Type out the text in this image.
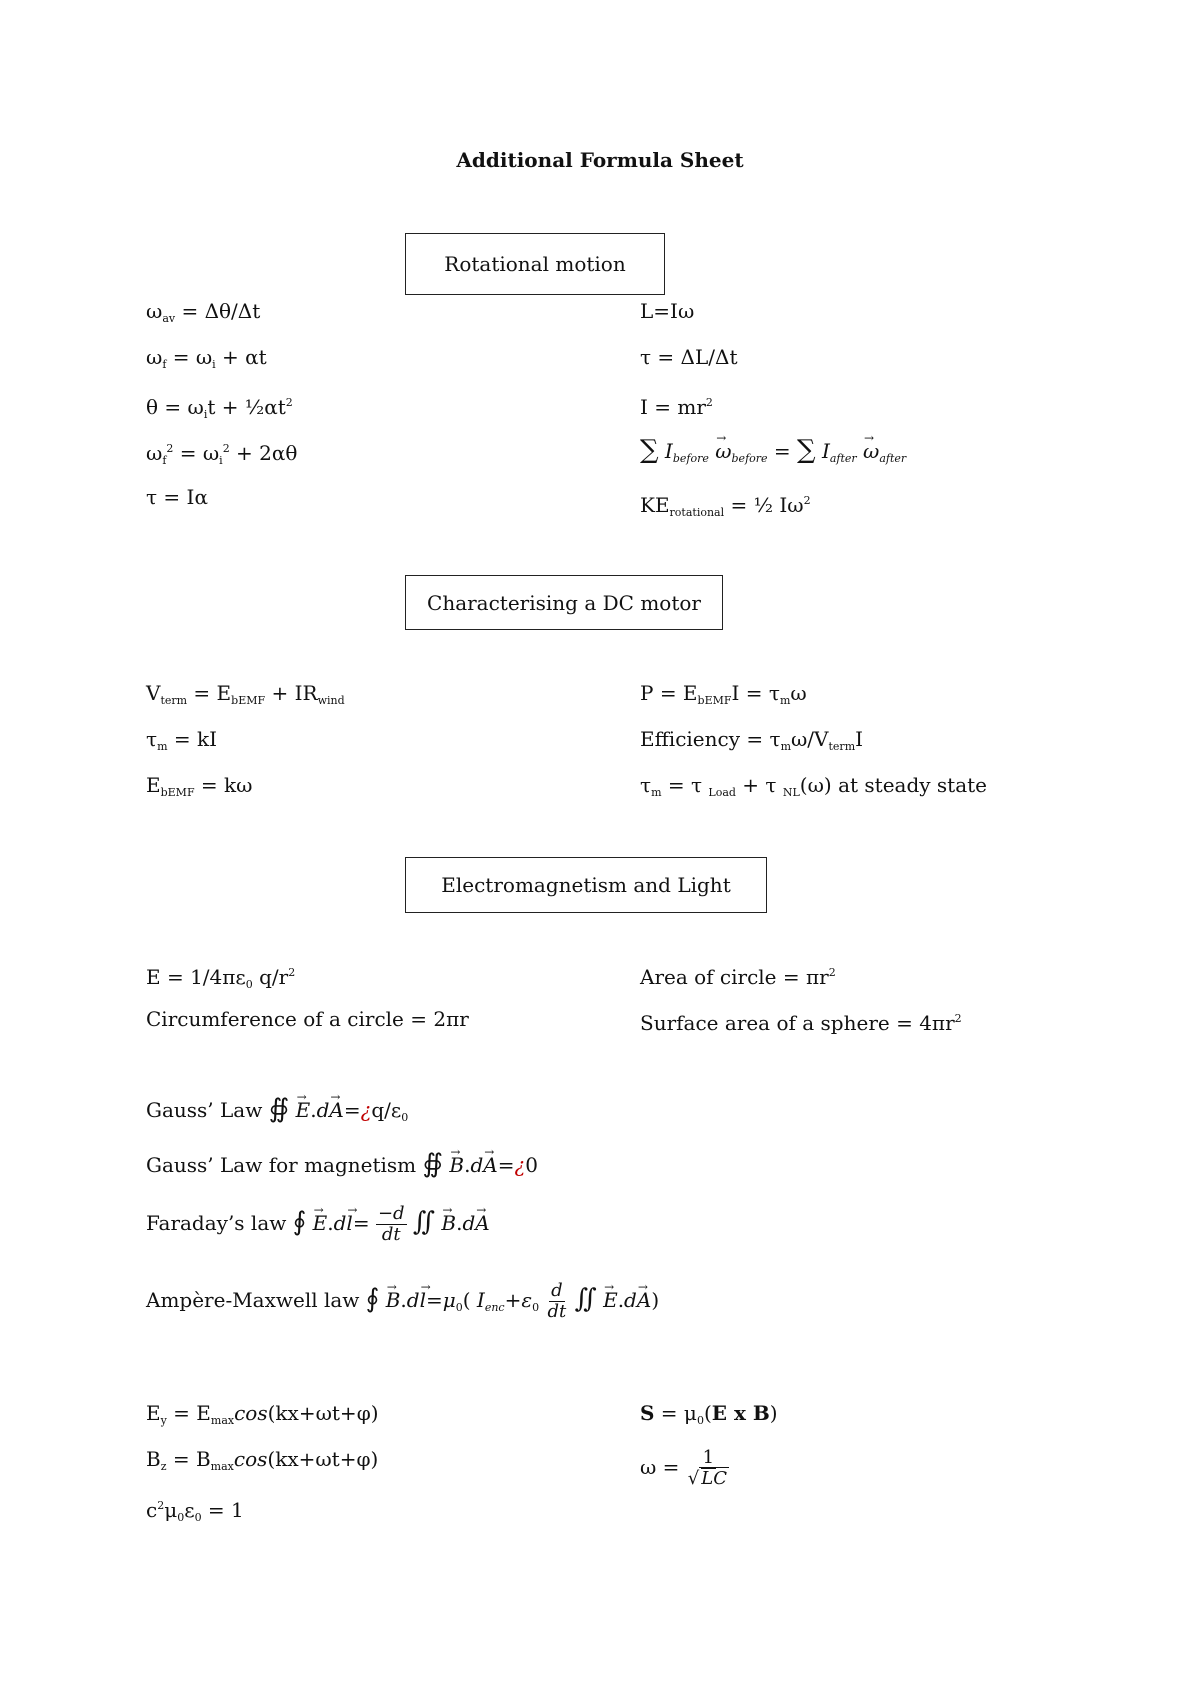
Additional Formula Sheet
Rotational motion
$\omega_{av} = \Delta\theta/\Delta t$
$\omega_f = \omega_i + \alpha t$
$\theta = \omega_it$ + $\frac{1}{2}\alpha t^2$
$\omega_f^2 = \omega_i^2 + 2\alpha\theta$
τ = Iα
L=Iω
τ = ΔL/Δt
$I = mr^2$
∑ $I_{before} \to \omega_{before}$ = ∑ $I_{after} \to \omega_{after}$
$KE_{rotational}$ = ½ $I\omega^2$
Characterising a DC motor
$V_{term} = E_{bEMF} + IR_{wind}$
$\tau_m$ = kI
$E_{bEMF} = k\omega$
$P = E_{bEMF}I = \tau_m\omega$
Efficiency = $\tau_m\omega/V_{term}I$
$\tau_m = \tau$ $_{Load}$ + τ $_{NL}$(ω) at steady state
Electromagnetism and Light
$E = 1/4\pi\varepsilon_0$ $q/r^2$
Circumference of a circle = 2πr
Area of circle = $\pi r^2$
Surface area of a sphere = $4\pi r^2$
Gauss’ Law ∯ → $E.d\to A=¿q/\varepsilon_0$
Gauss’ Law for magnetism ∯ → B.d→ A=¿0
Faraday’s law ∮ → $E.d\to l= \frac{-d}{dt}$ ∬ → B.d→ A
Ampère-Maxwell law ∮ → $B.d\to l=\mu_0$( $I_{enc}+\varepsilon_0 \frac{d}{dt}$ ∬ → E.d→ A)
$E_y = E_{max}\cos(kx+\omega t+\varphi)$
$B_z = B_{max}\cos(kx+\omega t+\varphi)$
$c^2\mu_0\varepsilon_0 = 1$
$S = \mu_0(E$ x B)
$\omega = \frac{1}{√ LC}$
